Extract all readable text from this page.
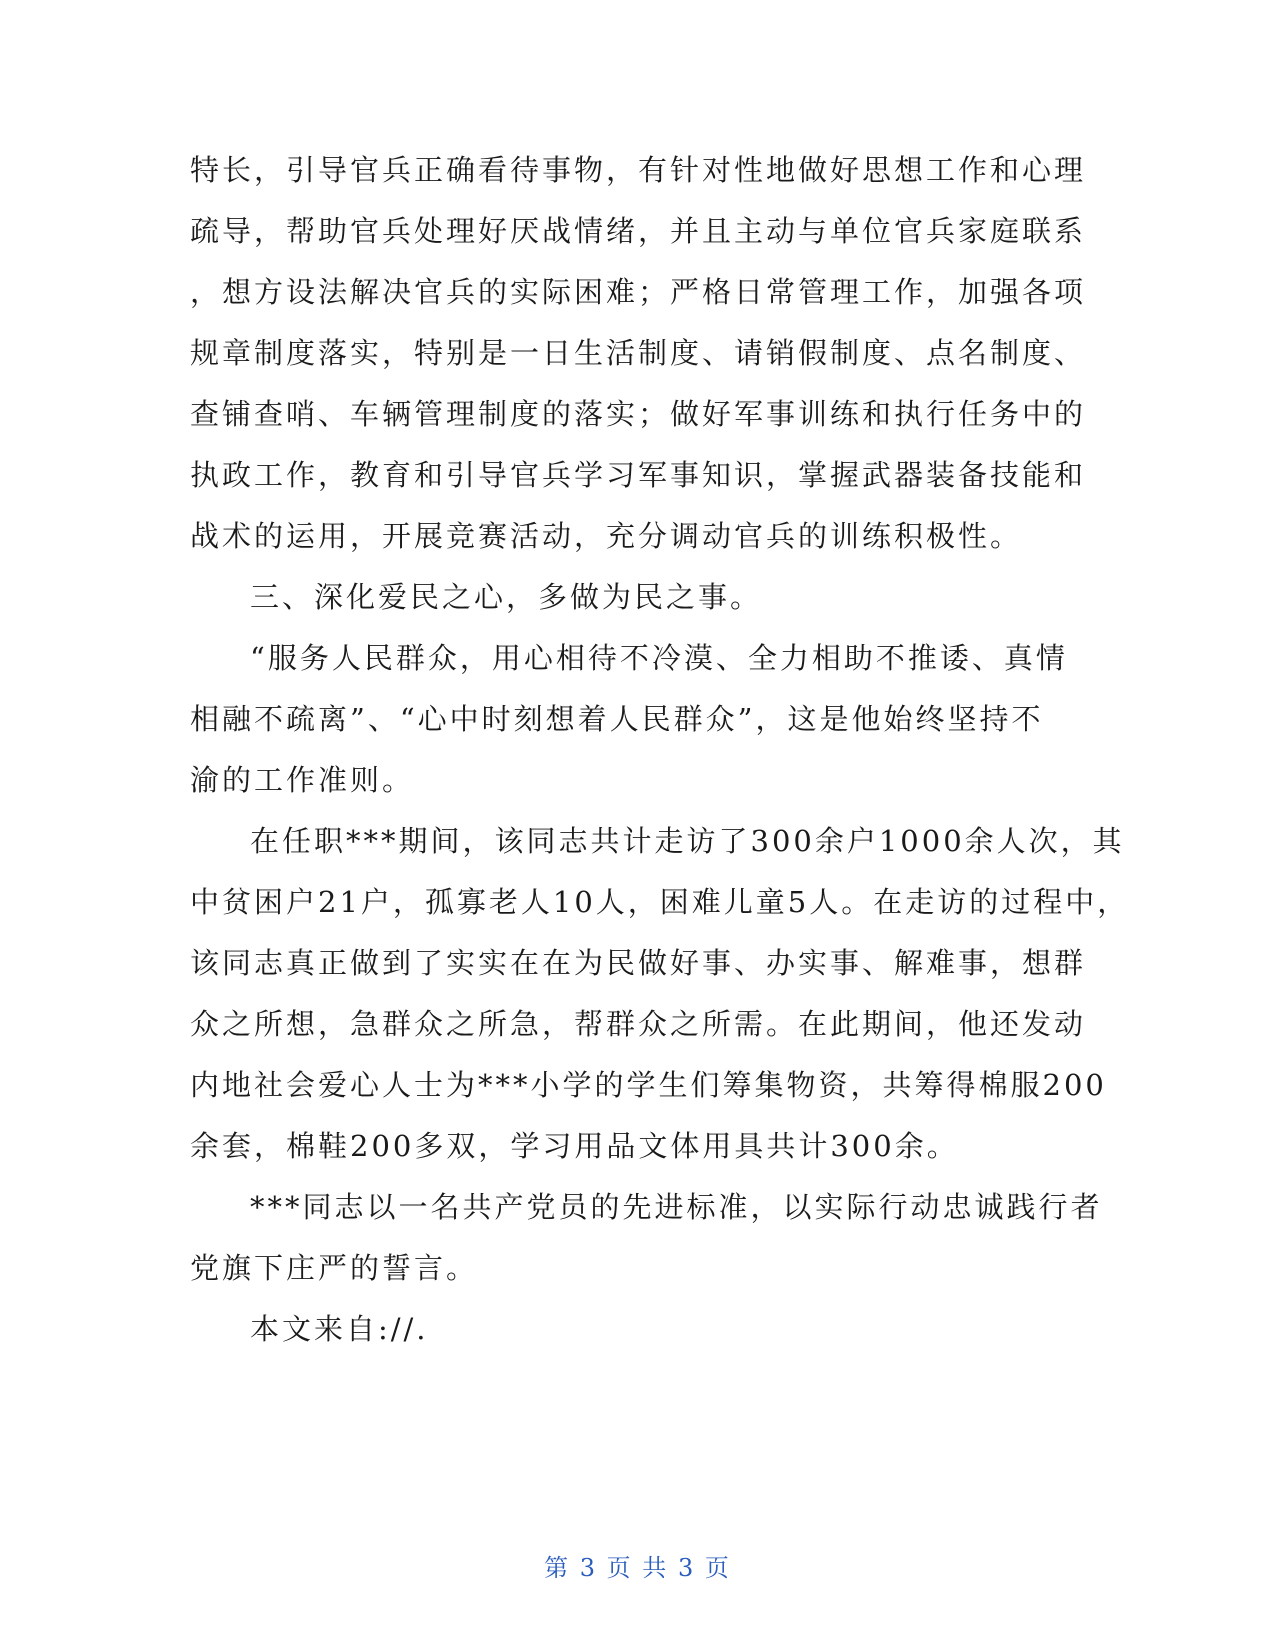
特长，引导官兵正确看待事物，有针对性地做好思想工作和心理
疏导，帮助官兵处理好厌战情绪，并且主动与单位官兵家庭联系
，想方设法解决官兵的实际困难；严格日常管理工作，加强各项
规章制度落实，特别是一日生活制度、请销假制度、点名制度、
查铺查哨、车辆管理制度的落实；做好军事训练和执行任务中的
执政工作，教育和引导官兵学习军事知识，掌握武器装备技能和
战术的运用，开展竞赛活动，充分调动官兵的训练积极性。
三、深化爱民之心，多做为民之事。
“服务人民群众，用心相待不冷漠、全力相助不推诿、真情
相融不疏离”、“心中时刻想着人民群众”，这是他始终坚持不
渝的工作准则。
在任职***期间，该同志共计走访了300余户1000余人次，其
中贫困户21户，孤寡老人10人，困难儿童5人。在走访的过程中，
该同志真正做到了实实在在为民做好事、办实事、解难事，想群
众之所想，急群众之所急，帮群众之所需。在此期间，他还发动
内地社会爱心人士为***小学的学生们筹集物资，共筹得棉服200
余套，棉鞋200多双，学习用品文体用具共计300余。
***同志以一名共产党员的先进标准，以实际行动忠诚践行者
党旗下庄严的誓言。
本文来自://.
第 3 页 共 3 页
